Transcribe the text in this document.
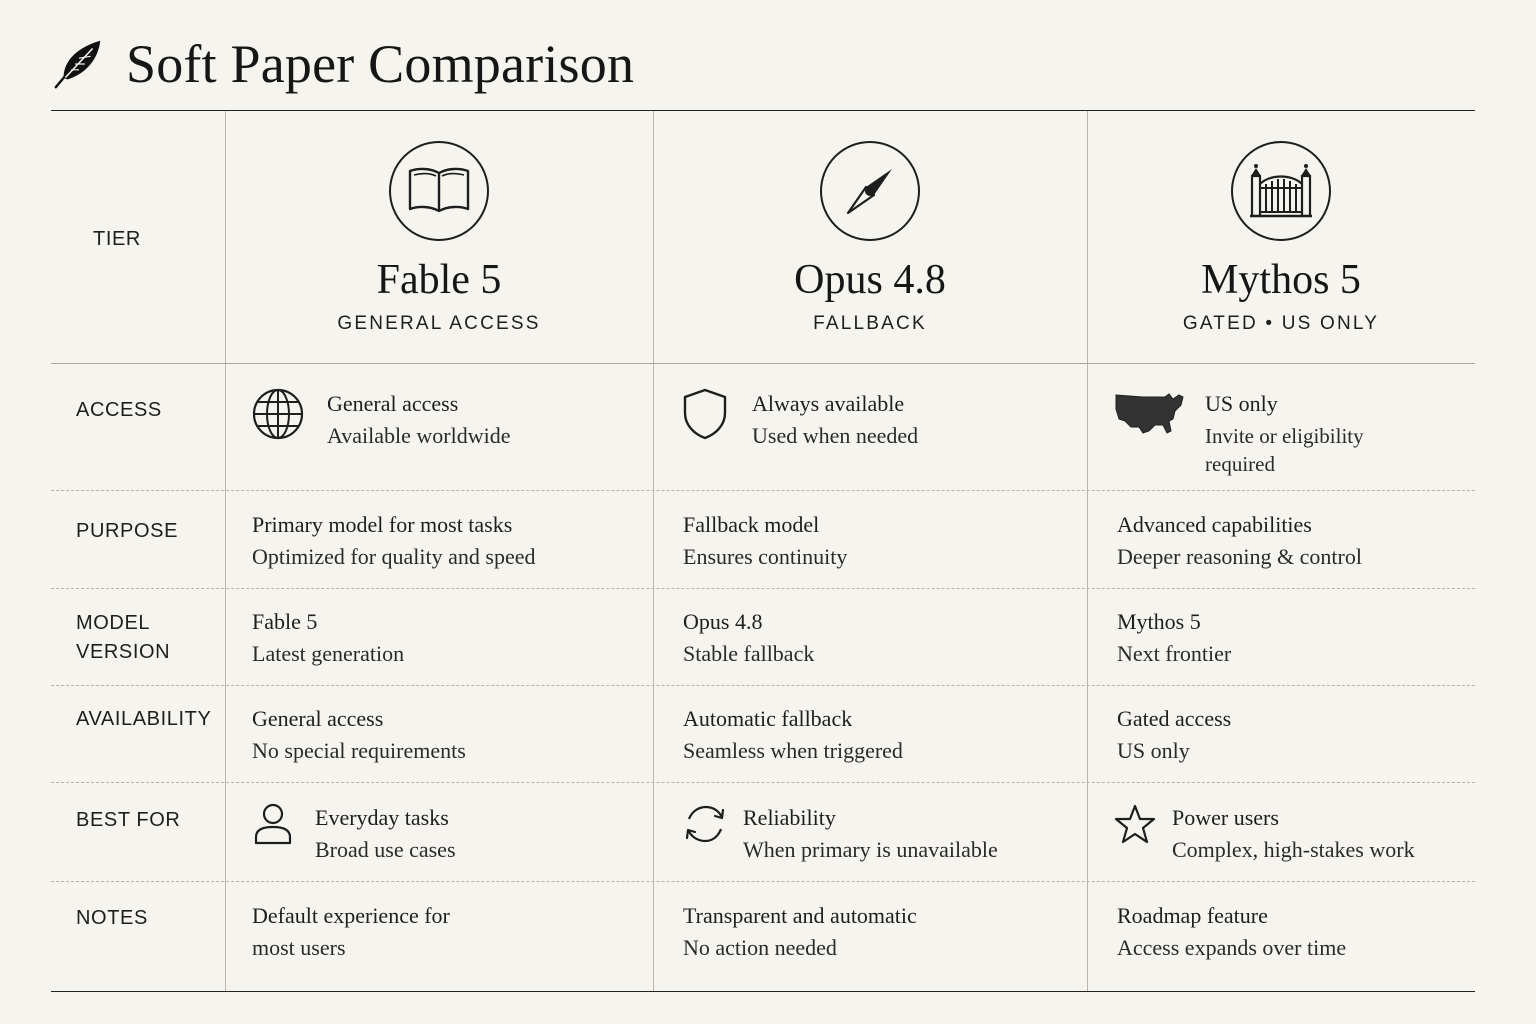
Soft Paper Comparison
TIER
ACCESS
PURPOSE
MODEL
VERSION
AVAILABILITY
BEST FOR
NOTES
Fable 5
GENERAL ACCESS
Opus 4.8
FALLBACK
Mythos 5
GATED • US ONLY
General access
Available worldwide
Always available
Used when needed
US only
Invite or eligibility
required
Primary model for most tasks
Optimized for quality and speed
Fallback model
Ensures continuity
Advanced capabilities
Deeper reasoning & control
Fable 5
Latest generation
Opus 4.8
Stable fallback
Mythos 5
Next frontier
General access
No special requirements
Automatic fallback
Seamless when triggered
Gated access
US only
Everyday tasks
Broad use cases
Reliability
When primary is unavailable
Power users
Complex, high-stakes work
Default experience for
most users
Transparent and automatic
No action needed
Roadmap feature
Access expands over time
